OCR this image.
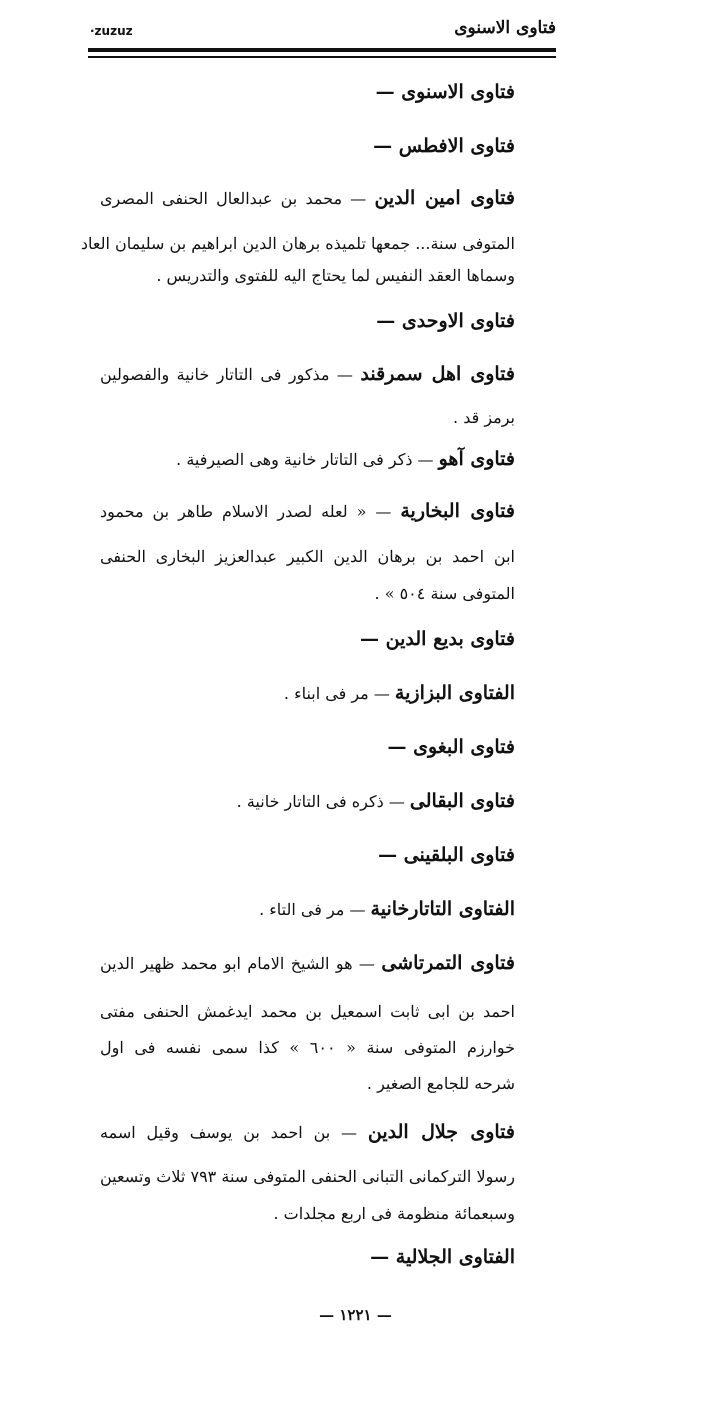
فتاوى الاسنوى
·zuzuz
فتاوى الاسنوى —
فتاوى الافطس —
فتاوى امين الدين — محمد بن عبدالعال الحنفى المصرى
المتوفى سنة... جمعها تلميذه برهان الدين ابراهيم بن سليمان العاد
وسماها العقد النفيس لما يحتاج اليه للفتوى والتدريس .
فتاوى الاوحدى —
فتاوى اهل سمرقند — مذكور فى التاتار خانية والفصولين
برمز قد .
فتاوى آهو — ذكر فى التاتار خانية وهى الصيرفية .
فتاوى البخارية — « لعله لصدر الاسلام طاهر بن محمود
ابن احمد بن برهان الدين الكبير عبدالعزيز البخارى الحنفى
المتوفى سنة ٥٠٤ » .
فتاوى بديع الدين —
الفتاوى البزازية — مر فى ابناء .
فتاوى البغوى —
فتاوى البقالى — ذكره فى التاتار خانية .
فتاوى البلقينى —
الفتاوى التاتارخانية — مر فى التاء .
فتاوى التمرتاشى — هو الشيخ الامام ابو محمد ظهير الدين
احمد بن ابى ثابت اسمعيل بن محمد ايدغمش الحنفى مفتى
خوارزم المتوفى سنة « ٦٠٠ » كذا سمى نفسه فى اول
شرحه للجامع الصغير .
فتاوى جلال الدين — بن احمد بن يوسف وقيل اسمه
رسولا التركمانى التبانى الحنفى المتوفى سنة ٧٩٣ ثلاث وتسعين
وسبعمائة منظومة فى اربع مجلدات .
الفتاوى الجلالية —
— ١٢٢١ —
